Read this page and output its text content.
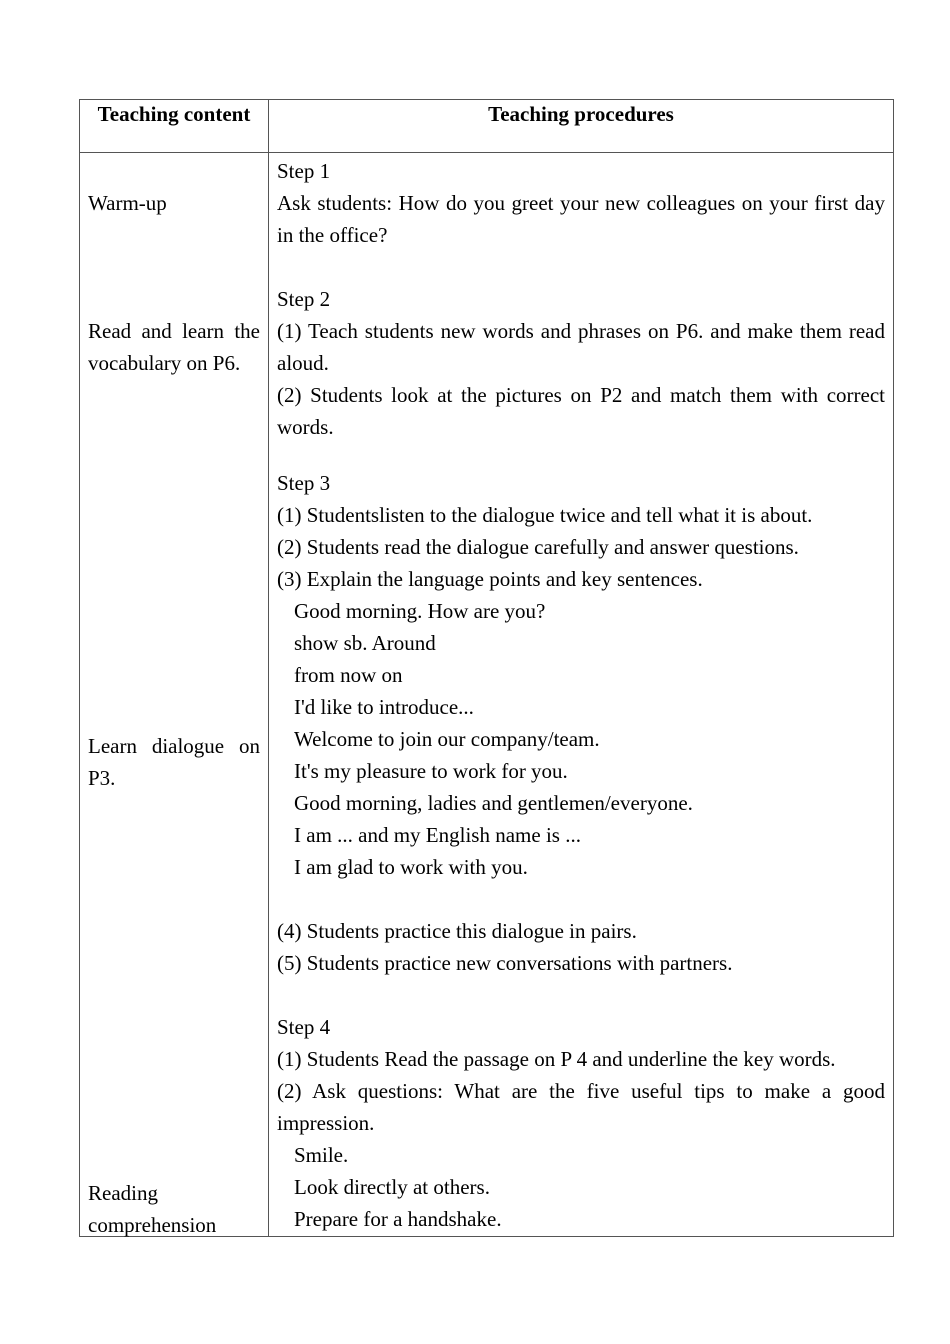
Teaching content	Teaching procedures
Warm-up
Read and learn the vocabulary on P6.
Learn dialogue on P3.
Reading
comprehension
Step 1

Ask students: How do you greet your new colleagues on your first day in the office?

Step 2

(1) Teach students new words and phrases on P6. and make them read aloud.

(2) Students look at the pictures on P2 and match them with correct words.

Step 3
(1) Studentslisten to the dialogue twice and tell what it is about.
(2) Students read the dialogue carefully and answer questions.
(3) Explain the language points and key sentences.
Good morning. How are you?
show sb. Around
from now on
I'd like to introduce...
Welcome to join our company/team.
It's my pleasure to work for you.
Good morning, ladies and gentlemen/everyone.
I am ... and my English name is ...
I am glad to work with you.
(4) Students practice this dialogue in pairs.
(5) Students practice new conversations with partners.
Step 4
(1) Students Read the passage on P 4 and underline the key words.

(2) Ask questions: What are the five useful tips to make a good impression.

Smile.
Look directly at others.
Prepare for a handshake.
